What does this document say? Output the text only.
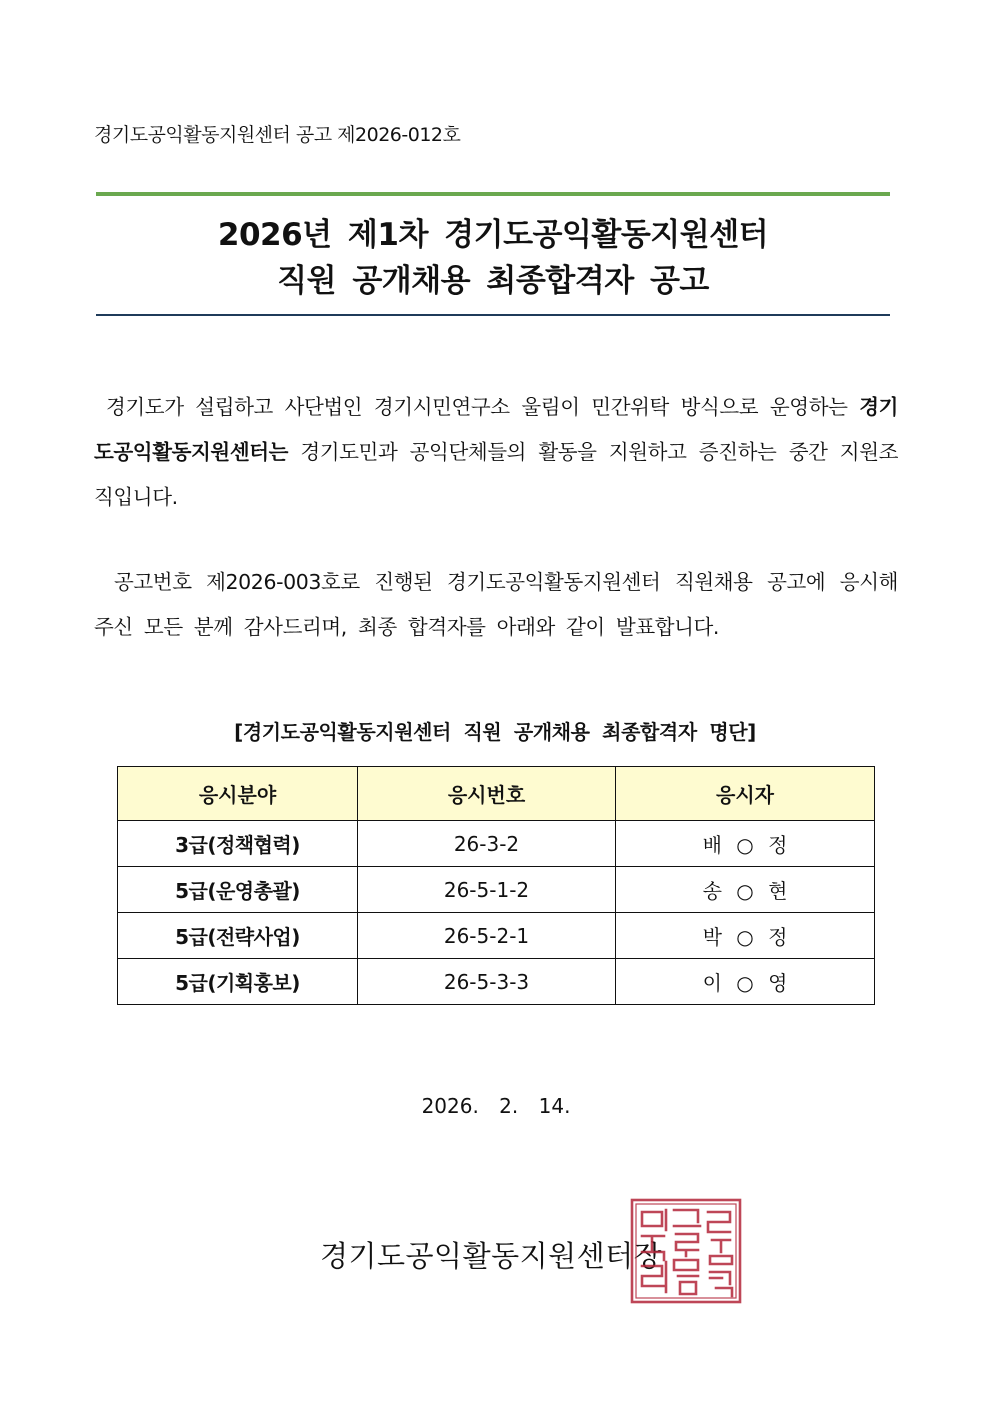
경기도공익활동지원센터 공고 제2026-012호
2026년 제1차 경기도공익활동지원센터
직원 공개채용 최종합격자 공고

경기도가 설립하고 사단법인 경기시민연구소 울림이 민간위탁 방식으로 운영하는 경기도공익활동지원센터는 경기도민과 공익단체들의 활동을 지원하고 증진하는 중간 지원조직입니다.

공고번호 제2026-003호로 진행된 경기도공익활동지원센터 직원채용 공고에 응시해 주신 모든 분께 감사드리며, 최종 합격자를 아래와 같이 발표합니다.

[경기도공익활동지원센터 직원 공개채용 최종합격자 명단]
응시분야	응시번호	응시자
3급(정책협력)	26-3-2	배 ○ 정
5급(운영총괄)	26-5-1-2	송 ○ 현
5급(전략사업)	26-5-2-1	박 ○ 정
5급(기획홍보)	26-5-3-3	이 ○ 영
2026. 2. 14.
경기도공익활동지원센터장
